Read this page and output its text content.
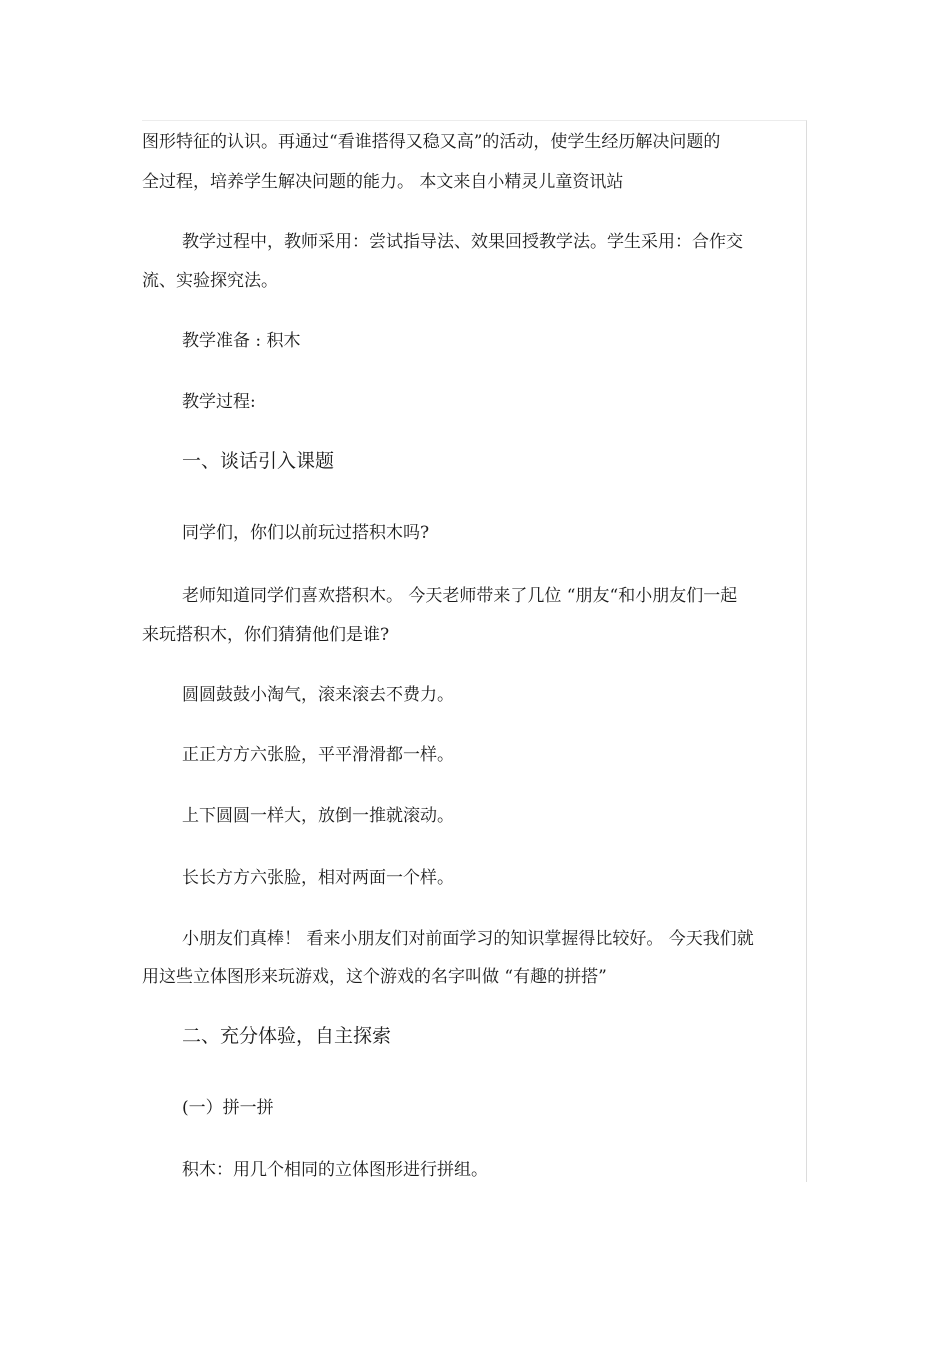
图形特征的认识。再通过“看谁搭得又稳又高”的活动，使学生经历解决问题的
全过程，培养学生解决问题的能力。 本文来自小精灵儿童资讯站
教学过程中，教师采用：尝试指导法、效果回授教学法。学生采用：合作交
流、实验探究法。
教学准备 : 积木
教学过程:
一、谈话引入课题
同学们，你们以前玩过搭积木吗?
老师知道同学们喜欢搭积木。 今天老师带来了几位 “朋友“和小朋友们一起
来玩搭积木，你们猜猜他们是谁?
圆圆鼓鼓小淘气，滚来滚去不费力。
正正方方六张脸，平平滑滑都一样。
上下圆圆一样大，放倒一推就滚动。
长长方方六张脸，相对两面一个样。
小朋友们真棒！ 看来小朋友们对前面学习的知识掌握得比较好。 今天我们就
用这些立体图形来玩游戏，这个游戏的名字叫做 “有趣的拼搭”
二、充分体验，自主探索
(一）拼一拼
积木：用几个相同的立体图形进行拼组。
